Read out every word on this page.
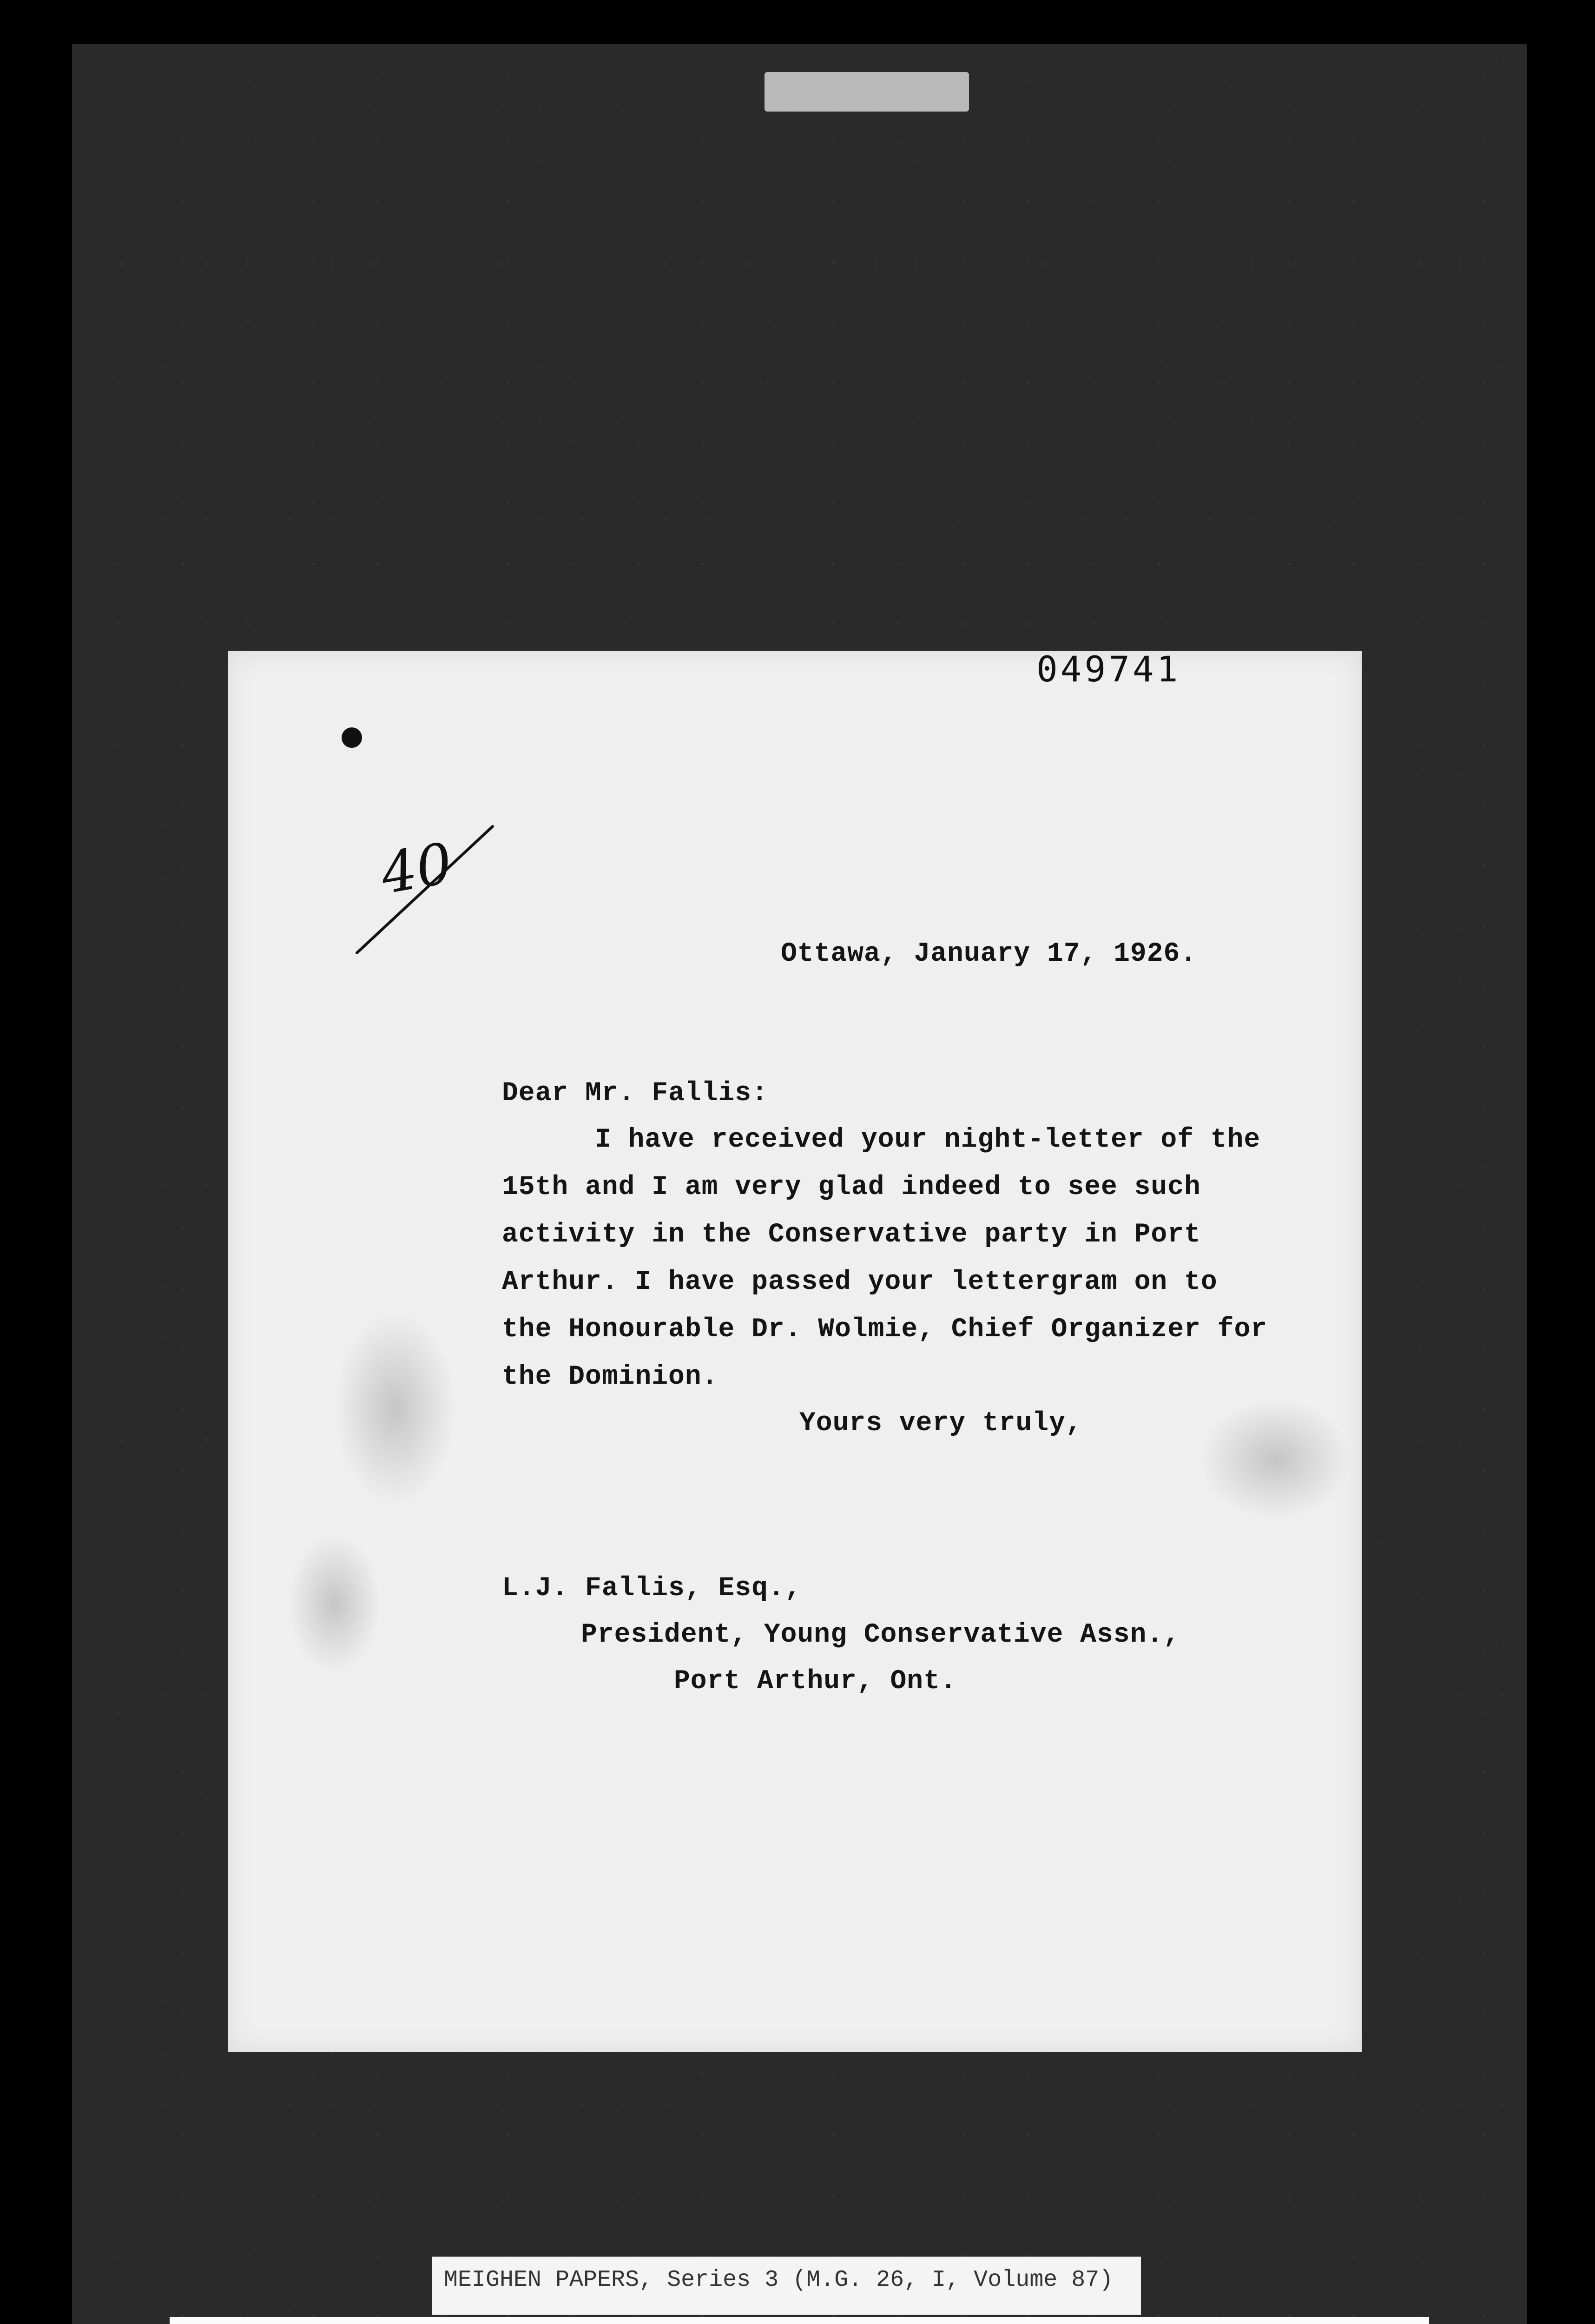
049741
40
Ottawa, January 17, 1926.
Dear Mr. Fallis:
I have received your night-letter of the
15th and I am very glad indeed to see such
activity in the Conservative party in Port
Arthur. I have passed your lettergram on to
the Honourable Dr. Wolmie, Chief Organizer for
the Dominion.
Yours very truly,
L.J. Fallis, Esq.,
President, Young Conservative Assn.,
Port Arthur, Ont.
MEIGHEN PAPERS, Series 3 (M.G. 26, I, Volume 87)
